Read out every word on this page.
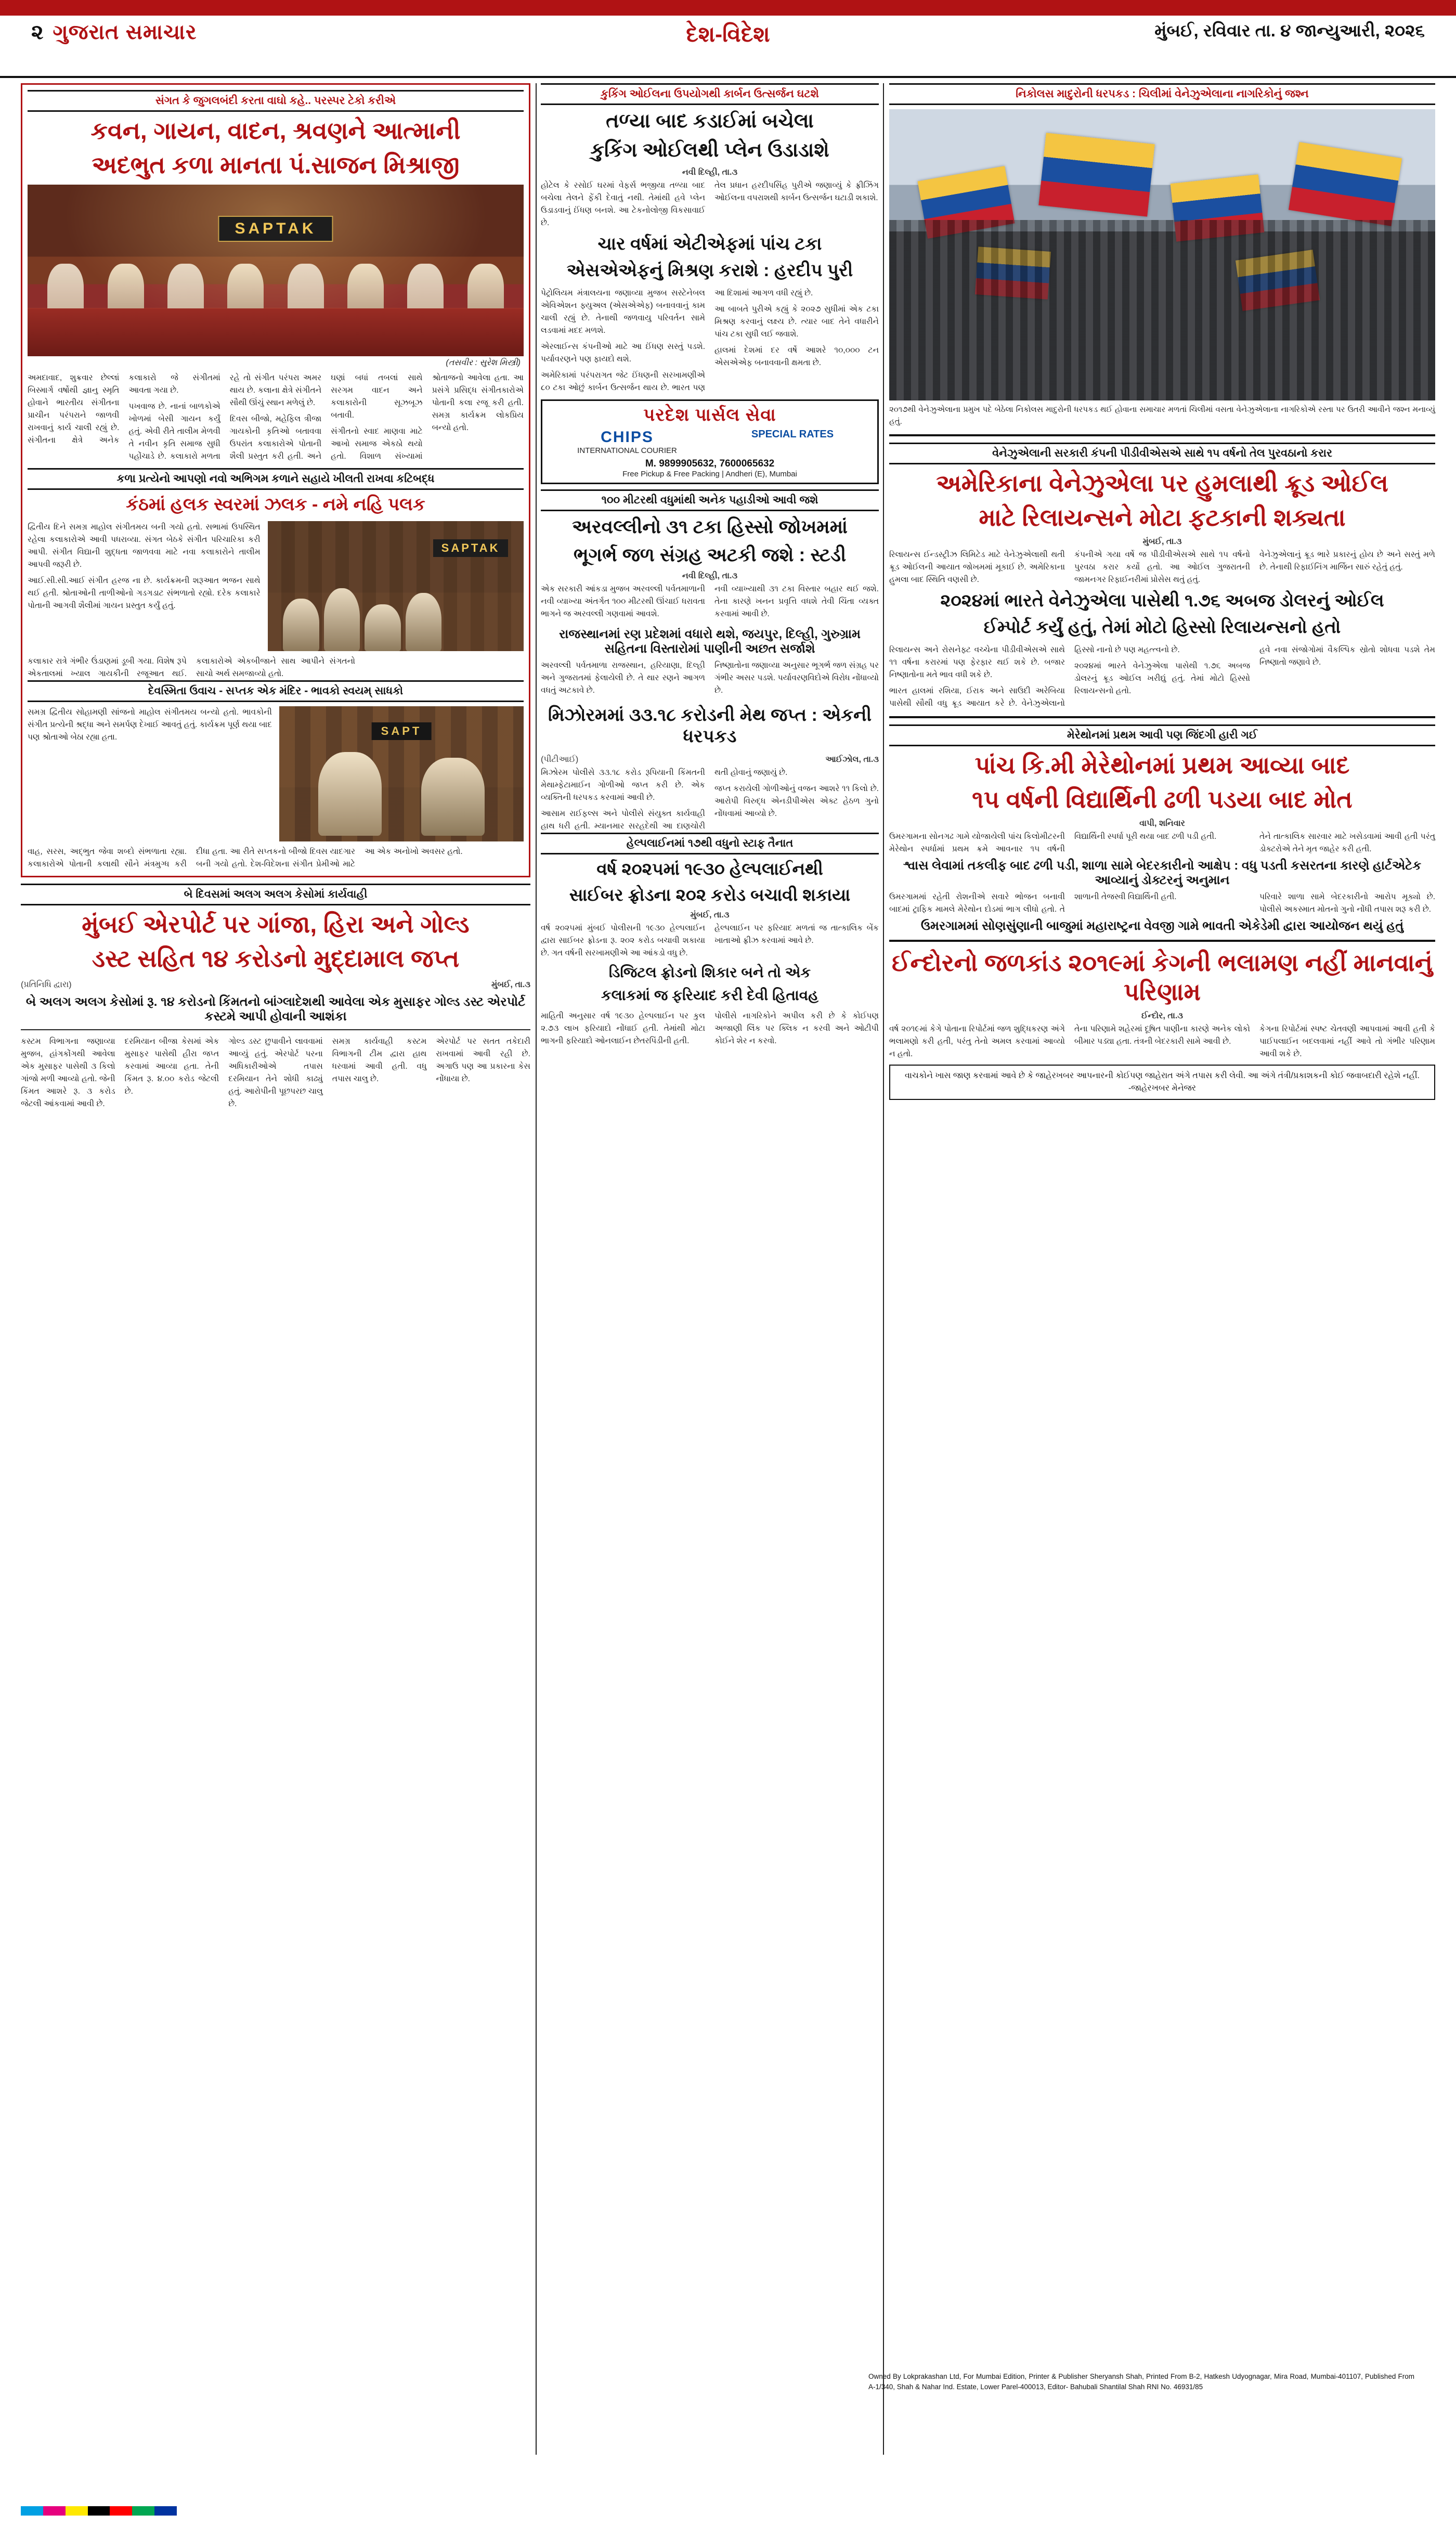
૨ ગુજરાત સમાચાર	મુંબઈ, રવિવાર તા. ૪ જાન્યુઆરી, ૨૦૨૬
દેશ-વિદેશ
સંગત કે જુગલબંદી કરતા વાઘો કહે.. પરસ્પર ટેકો કરીએ
કવન, ગાયન, વાદન, શ્રવણને આત્માની
અદભુત કળા માનતા પં.સાજન મિશ્રાજી
SAPTAK
(તસવીર : સુરેશ મિસ્ત્રી)

અમદાવાદ, શુક્રવાર છેલ્લાં બિસ્માર્ગ વર્ષોથી જ્ઞાનુ સ્મૃતિ હોવાને ભારતીય સંગીતના પ્રાચીન પરંપરાને જાળવી રાખવાનું કાર્ય ચાલી રહ્યું છે. સંગીતના ક્ષેત્રે અનેક કલાકારો જે સંગીતમાં આવતા ગયા છે.

પખવાજ છે. નાનાં બાળકોએ ખોળમાં બેસી ગાયન કર્યું હતું. એવી રીતે તાલીમ મેળવી તે નવીન કૃતિ સમાજ સુધી પહોંચાડે છે. કલાકારો મળતા રહે તો સંગીત પરંપરા અમર થાય છે. કલાના ક્ષેત્રે સંગીતને સૌથી ઊંચું સ્થાન મળેલું છે.

દિવસ બીજો, મહેફિલ ત્રીજા ગાયકોની કૃતિઓ બતાવવા ઉપરાંત કલાકારોએ પોતાની શૈલી પ્રસ્તુત કરી હતી. અને ઘણાં બધાં તબલાં સાથે સરગમ વાદન અને કલાકારોની સૂઝબૂઝ બતાવી.

સંગીતનો સ્વાદ માણવા માટે આખો સમાજ એકઠો થયો હતો. વિશાળ સંખ્યામાં શ્રોતાજનો આવેલા હતા. આ પ્રસંગે પ્રસિદ્ધ સંગીતકારોએ પોતાની કલા રજૂ કરી હતી. સમગ્ર કાર્યક્રમ લોકપ્રિય બન્યો હતો.

કળા પ્રત્યેનો આપણો નવો અભિગમ કળાને સહાયે ખીલતી રાખવા કટિબદ્ધ
કંઠમાં હલક સ્વરમાં ઝલક - નમે નહિ પલક

દ્વિતીય દિને સમગ્ર માહોલ સંગીતમય બની ગયો હતો. સભામાં ઉપસ્થિત રહેલા કલાકારોએ આવી પધરાવ્યા. સંગત બેઠકે સંગીત પરિચારિકા કરી આપી. સંગીત વિદ્યાની શુદ્ધતા જાળવવા માટે નવા કલાકારોને તાલીમ આપવી જરૂરી છે.

આઈ.સી.સી.આઈ સંગીત હરજ ના છે. કાર્યક્રમની શરૂઆત ભજન સાથે થઈ હતી. શ્રોતાઓની તાળીઓનો ગડગડાટ સંભળાતો રહ્યો. દરેક કલાકારે પોતાની આગવી શૈલીમાં ગાયન પ્રસ્તુત કર્યું હતું.

SAPTAK

કલાકાર રાત્રે ગંભીર ઉંડાણમાં ડૂબી ગયા. વિશેષ રૂપે એકતાલમાં ખ્યાલ ગાયકીની રજૂઆત થઈ. કલાકારોએ એકબીજાને સાથ આપીને સંગતનો સાચો અર્થ સમજાવ્યો હતો.

દેવસ્મિતા ઉવાચ - સપ્તક એક મંદિર - ભાવકો સ્વયમ્ સાધકો

સમગ્ર દ્વિતીય સોહામણી સાંજનો માહોલ સંગીતમય બન્યો હતો. ભાવકોની સંગીત પ્રત્યેની શ્રદ્ધા અને સમર્પણ દેખાઈ આવતું હતું. કાર્યક્રમ પૂર્ણ થયા બાદ પણ શ્રોતાઓ બેઠા રહ્યા હતા.	SAPT

વાહ, સરસ, અદ્ભુત જેવા શબ્દો સંભળાતા રહ્યા. કલાકારોએ પોતાની કલાથી સૌને મંત્રમુગ્ધ કરી દીધા હતા. આ રીતે સપ્તકનો બીજો દિવસ યાદગાર બની ગયો હતો. દેશ-વિદેશના સંગીત પ્રેમીઓ માટે આ એક અનોખો અવસર હતો.

બે દિવસમાં અલગ અલગ કેસોમાં કાર્યવાહી
મુંબઈ એરપોર્ટ પર ગાંજા, હિરા અને ગોલ્ડ
ડસ્ટ સહિત ૧૪ કરોડનો મુદ્દામાલ જપ્ત
(પ્રતિનિધિ દ્વારા)	મુંબઈ, તા.૩
બે અલગ અલગ કેસોમાં રૂ. ૧૪ કરોડનો કિંમતનો બાંગ્લાદેશથી આવેલા એક મુસાફર ગોલ્ડ ડસ્ટ એરપોર્ટ કસ્ટમે આપી હોવાની આશંકા

કસ્ટમ વિભાગના જણાવ્યા મુજબ, હાંગકોંગથી આવેલા એક મુસાફર પાસેથી ૩ કિલો ગાંજો મળી આવ્યો હતો. જેની કિંમત આશરે રૂ. ૩ કરોડ જેટલી આંકવામાં આવી છે.

દરમિયાન બીજા કેસમાં એક મુસાફર પાસેથી હીરા જપ્ત કરવામાં આવ્યા હતા. તેની કિંમત રૂ. ૪.૦૦ કરોડ જેટલી છે.

ગોલ્ડ ડસ્ટ છુપાવીને લાવવામાં આવ્યું હતું. એરપોર્ટ પરના અધિકારીઓએ તપાસ દરમિયાન તેને શોધી કાઢ્યું હતું. આરોપીની પૂછપરછ ચાલુ છે.

સમગ્ર કાર્યવાહી કસ્ટમ વિભાગની ટીમ દ્વારા હાથ ધરવામાં આવી હતી. વધુ તપાસ ચાલુ છે.

એરપોર્ટ પર સતત તકેદારી રાખવામાં આવી રહી છે. અગાઉ પણ આ પ્રકારના કેસ નોંધાયા છે.

કુકિંગ ઓઈલના ઉપયોગથી કાર્બન ઉત્સર્જન ઘટશે
તળ્યા બાદ કડાઈમાં બચેલા
કુકિંગ ઓઈલથી પ્લેન ઉડાડાશે
નવી દિલ્હી, તા.૩

હોટેલ કે રસોઈ ઘરમાં વેફર્સ ભજીયા તળ્યા બાદ બચેલા તેલને ફેંકી દેવાતું નથી. તેમાંથી હવે પ્લેન ઉડાડવાનું ઈંધણ બનશે. આ ટેકનોલોજી વિકસાવાઈ છે.

તેલ પ્રધાન હરદીપસિંહ પુરીએ જણાવ્યું કે ફ્રીઝિંગ ઓઈલના વપરાશથી કાર્બન ઉત્સર્જન ઘટાડી શકાશે.

ચાર વર્ષમાં એટીએફમાં પાંચ ટકા
એસએએફનું મિશ્રણ કરાશે : હરદીપ પુરી

પેટ્રોલિયમ મંત્રાલયના જણાવ્યા મુજબ સસ્ટેનેબલ એવિએશન ફ્યુઅલ (એસએએફ) બનાવવાનું કામ ચાલી રહ્યું છે. તેનાથી જળવાયુ પરિવર્તન સામે લડવામાં મદદ મળશે.

એરલાઈન્સ કંપનીઓ માટે આ ઈંધણ સસ્તું પડશે. પર્યાવરણને પણ ફાયદો થશે.

અમેરિકામાં પરંપરાગત જેટ ઈંધણની સરખામણીએ ૮૦ ટકા ઓછું કાર્બન ઉત્સર્જન થાય છે. ભારત પણ આ દિશામાં આગળ વધી રહ્યું છે.

આ બાબતે પુરીએ કહ્યું કે ૨૦૨૭ સુધીમાં એક ટકા મિશ્રણ કરવાનું લક્ષ્ય છે. ત્યાર બાદ તેને વધારીને પાંચ ટકા સુધી લઈ જવાશે.

હાલમાં દેશમાં દર વર્ષે આશરે ૧૦,૦૦૦ ટન એસએએફ બનાવવાની ક્ષમતા છે.

પરદેશ પાર્સલ સેવા
CHIPS
INTERNATIONAL COURIER
SPECIAL RATES
M. 9899905632, 7600065632
Free Pickup & Free Packing | Andheri (E), Mumbai
૧૦૦ મીટરથી વધુમાંથી અનેક પહાડીઓ આવી જશે
અરવલ્લીનો ૩૧ ટકા હિસ્સો જોખમમાં
ભૂગર્ભ જળ સંગ્રહ અટકી જશે : સ્ટડી
નવી દિલ્હી, તા.૩

એક સરકારી આંકડા મુજબ અરવલ્લી પર્વતમાળાની નવી વ્યાખ્યા અંતર્ગત ૧૦૦ મીટરથી ઊંચાઈ ધરાવતા ભાગને જ અરવલ્લી ગણવામાં આવશે.

નવી વ્યાખ્યાથી ૩૧ ટકા વિસ્તાર બહાર થઈ જશે. તેના કારણે ખનન પ્રવૃત્તિ વધશે તેવી ચિંતા વ્યક્ત કરવામાં આવી છે.

રાજસ્થાનમાં રણ પ્રદેશમાં વધારો થશે, જયપુર, દિલ્હી, ગુરુગ્રામ સહિતના વિસ્તારોમાં પાણીની અછત સર્જાશે

અરવલ્લી પર્વતમાળા રાજસ્થાન, હરિયાણા, દિલ્હી અને ગુજરાતમાં ફેલાયેલી છે. તે થાર રણને આગળ વધતું અટકાવે છે.

નિષ્ણાતોના જણાવ્યા અનુસાર ભૂગર્ભ જળ સંગ્રહ પર ગંભીર અસર પડશે. પર્યાવરણવિદોએ વિરોધ નોંધાવ્યો છે.

મિઝોરમમાં ૩૩.૧૮ કરોડની મેથ જપ્ત : એકની ધરપકડ
(પીટીઆઈ)	આઈઝોલ, તા.૩

મિઝોરમ પોલીસે ૩૩.૧૮ કરોડ રૂપિયાની કિંમતની મેથામ્ફેટામાઈન ગોળીઓ જપ્ત કરી છે. એક વ્યક્તિની ધરપકડ કરવામાં આવી છે.

આસામ રાઈફલ્સ અને પોલીસે સંયુક્ત કાર્યવાહી હાથ ધરી હતી. મ્યાનમાર સરહદેથી આ દાણચોરી થતી હોવાનું જણાયું છે.

જપ્ત કરાયેલી ગોળીઓનું વજન આશરે ૧૧ કિલો છે. આરોપી વિરુદ્ધ એનડીપીએસ એક્ટ હેઠળ ગુનો નોંધવામાં આવ્યો છે.

હેલ્પલાઈનમાં ૧૭થી વધુનો સ્ટાફ તૈનાત
વર્ષ ૨૦૨૫માં ૧૯૩૦ હેલ્પલાઈનથી
સાઈબર ફ્રોડના ૨૦૨ કરોડ બચાવી શકાયા
મુંબઈ, તા.૩

વર્ષ ૨૦૨૫માં મુંબઈ પોલીસની ૧૯૩૦ હેલ્પલાઈન દ્વારા સાઈબર ફ્રોડના રૂ. ૨૦૨ કરોડ બચાવી શકાયા છે. ગત વર્ષની સરખામણીએ આ આંકડો વધુ છે.

હેલ્પલાઈન પર ફરિયાદ મળતાં જ તાત્કાલિક બેંક ખાતાઓ ફ્રીઝ કરવામાં આવે છે.

ડિજિટલ ફ્રોડનો શિકાર બને તો એક
કલાકમાં જ ફરિયાદ કરી દેવી હિતાવહ

માહિતી અનુસાર વર્ષ ૧૯૩૦ હેલ્પલાઈન પર કુલ ૨.૭૩ લાખ ફરિયાદો નોંધાઈ હતી. તેમાંથી મોટા ભાગની ફરિયાદો ઓનલાઈન છેતરપિંડીની હતી.

પોલીસે નાગરિકોને અપીલ કરી છે કે કોઈપણ અજાણી લિંક પર ક્લિક ન કરવી અને ઓટીપી કોઈને શેર ન કરવો.

નિકોલસ માદુરોની ધરપકડ : ચિલીમાં વેનેઝુએલાના નાગરિકોનું જશ્ન
૨૦૧૭થી વેનેઝુએલાના પ્રમુખ પદે બેઠેલા નિકોલસ માદુરોની ધરપકડ થઈ હોવાના સમાચાર મળતાં ચિલીમાં વસતા વેનેઝુએલાના નાગરિકોએ રસ્તા પર ઉતરી આવીને જશ્ન મનાવ્યું હતું.
વેનેઝુએલાની સરકારી કંપની પીડીવીએસએ સાથે ૧૫ વર્ષનો તેલ પુરવઠાનો કરાર
અમેરિકાના વેનેઝુએલા પર હુમલાથી ક્રૂડ ઓઈલ
માટે રિલાયન્સને મોટા ફટકાની શક્યતા
મુંબઈ, તા.૩

રિલાયન્સ ઈન્ડસ્ટ્રીઝ લિમિટેડ માટે વેનેઝુએલાથી થતી ક્રૂડ ઓઈલની આયાત જોખમમાં મૂકાઈ છે. અમેરિકાના હુમલા બાદ સ્થિતિ વણસી છે.

કંપનીએ ગયા વર્ષે જ પીડીવીએસએ સાથે ૧૫ વર્ષનો પુરવઠા કરાર કર્યો હતો. આ ઓઈલ ગુજરાતની જામનગર રિફાઈનરીમાં પ્રોસેસ થતું હતું.

વેનેઝુએલાનું ક્રૂડ ભારે પ્રકારનું હોય છે અને સસ્તું મળે છે. તેનાથી રિફાઈનિંગ માર્જિન સારું રહેતું હતું.

૨૦૨૪માં ભારતે વેનેઝુએલા પાસેથી ૧.૭૬ અબજ ડોલરનું ઓઈલ
ઈમ્પોર્ટ કર્યું હતું, તેમાં મોટો હિસ્સો રિલાયન્સનો હતો

રિલાયન્સ અને રોસનેફ્ટ વચ્ચેના પીડીવીએસએ સાથે ૧૧ વર્ષના કરારમાં પણ ફેરફાર થઈ શકે છે. બજાર નિષ્ણાતોના મતે ભાવ વધી શકે છે.

ભારત હાલમાં રશિયા, ઈરાક અને સાઉદી અરેબિયા પાસેથી સૌથી વધુ ક્રૂડ આયાત કરે છે. વેનેઝુએલાનો હિસ્સો નાનો છે પણ મહત્ત્વનો છે.

૨૦૨૪માં ભારતે વેનેઝુએલા પાસેથી ૧.૭૬ અબજ ડોલરનું ક્રૂડ ઓઈલ ખરીદ્યું હતું. તેમાં મોટો હિસ્સો રિલાયન્સનો હતો.

હવે નવા સંજોગોમાં વૈકલ્પિક સ્રોતો શોધવા પડશે તેમ નિષ્ણાતો જણાવે છે.

મેરેથોનમાં પ્રથમ આવી પણ જિંદગી હારી ગઈ
પાંચ કિ.મી મેરેથોનમાં પ્રથમ આવ્યા બાદ
૧૫ વર્ષની વિદ્યાર્થિની ઢળી પડયા બાદ મોત
વાપી, શનિવાર

ઉમરગામના સોનગઢ ગામે યોજાયેલી પાંચ કિલોમીટરની મેરેથોન સ્પર્ધામાં પ્રથમ ક્રમે આવનાર ૧૫ વર્ષની વિદ્યાર્થિની સ્પર્ધા પૂરી થયા બાદ ઢળી પડી હતી.	તેને તાત્કાલિક સારવાર માટે ખસેડવામાં આવી હતી પરંતુ ડોક્ટરોએ તેને મૃત જાહેર કરી હતી.

શ્વાસ લેવામાં તકલીફ બાદ ઢળી પડી, શાળા સામે બેદરકારીનો આક્ષેપ : વધુ પડતી કસરતના કારણે હાર્ટએટેક આવ્યાનું ડોક્ટરનું અનુમાન

ઉમરગામમાં રહેતી રોશનીએ સવારે ભોજન બનાવી બાદમાં ટ્રાફિક મામલે મેરેથોન દોડમાં ભાગ લીધો હતો. તે શાળાની તેજસ્વી વિદ્યાર્થિની હતી.	પરિવારે શાળા સામે બેદરકારીનો આરોપ મૂક્યો છે. પોલીસે અકસ્માત મોતનો ગુનો નોંધી તપાસ શરૂ કરી છે.

ઉમરગામમાં સોણસુંણાની બાજુમાં મહારાષ્ટ્રના વેવજી ગામે ભાવતી એકેડેમી દ્વારા આયોજન થયું હતું
ઈન્દોરનો જળકાંડ ૨૦૧૯માં કેગની ભલામણ નહીં માનવાનું પરિણામ
ઈન્દોર, તા.૩

વર્ષ ૨૦૧૯માં કેગે પોતાના રિપોર્ટમાં જળ શુદ્ધિકરણ અંગે ભલામણો કરી હતી, પરંતુ તેનો અમલ કરવામાં આવ્યો ન હતો.

તેના પરિણામે શહેરમાં દૂષિત પાણીના કારણે અનેક લોકો બીમાર પડ્યા હતા. તંત્રની બેદરકારી સામે આવી છે.

કેગના રિપોર્ટમાં સ્પષ્ટ ચેતવણી આપવામાં આવી હતી કે પાઈપલાઈન બદલવામાં નહીં આવે તો ગંભીર પરિણામ આવી શકે છે.

વાચકોને ખાસ જાણ કરવામાં આવે છે કે જાહેરખબર આપનારની કોઈપણ જાહેરાત અંગે તપાસ કરી લેવી. આ અંગે તંત્રી/પ્રકાશકની કોઈ જવાબદારી રહેશે નહીં. -જાહેરખબર મેનેજર
Owned By Lokprakashan Ltd, For Mumbai Edition, Printer & Publisher Sheryansh Shah, Printed From B-2, Hatkesh Udyognagar, Mira Road, Mumbai-401107, Published From A-1/340, Shah & Nahar Ind. Estate, Lower Parel-400013, Editor- Bahubali Shantilal Shah RNI No. 46931/85
